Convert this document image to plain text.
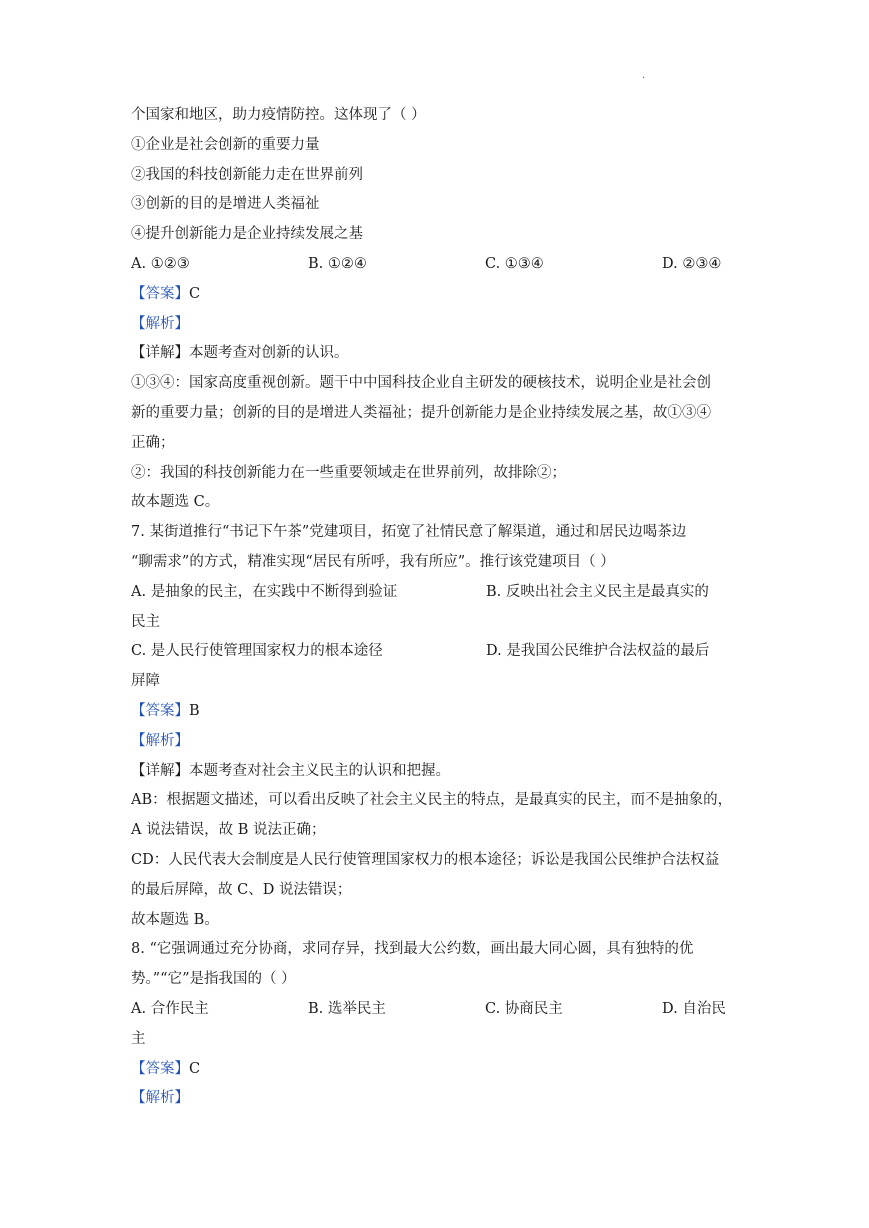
.
个国家和地区，助力疫情防控。这体现了（ ）
①企业是社会创新的重要力量
②我国的科技创新能力走在世界前列
③创新的目的是增进人类福祉
④提升创新能力是企业持续发展之基
A. ①②③	B. ①②④	C. ①③④	D. ②③④
【答案】C
【解析】
【详解】本题考查对创新的认识。
①③④：国家高度重视创新。题干中中国科技企业自主研发的硬核技术，说明企业是社会创
新的重要力量；创新的目的是增进人类福祉；提升创新能力是企业持续发展之基，故①③④
正确；
②：我国的科技创新能力在一些重要领域走在世界前列，故排除②；
故本题选 C。
7. 某街道推行“书记下午茶”党建项目，拓宽了社情民意了解渠道，通过和居民边喝茶边
“聊需求”的方式，精准实现“居民有所呼，我有所应”。推行该党建项目（ ）
A. 是抽象的民主，在实践中不断得到验证	B. 反映出社会主义民主是最真实的
民主
C. 是人民行使管理国家权力的根本途径	D. 是我国公民维护合法权益的最后
屏障
【答案】B
【解析】
【详解】本题考查对社会主义民主的认识和把握。
AB：根据题文描述，可以看出反映了社会主义民主的特点，是最真实的民主，而不是抽象的，
A 说法错误，故 B 说法正确；
CD：人民代表大会制度是人民行使管理国家权力的根本途径；诉讼是我国公民维护合法权益
的最后屏障，故 C、D 说法错误；
故本题选 B。
8. “它强调通过充分协商，求同存异，找到最大公约数，画出最大同心圆，具有独特的优
势。”“它”是指我国的（ ）
A. 合作民主	B. 选举民主	C. 协商民主	D. 自治民
主
【答案】C
【解析】
